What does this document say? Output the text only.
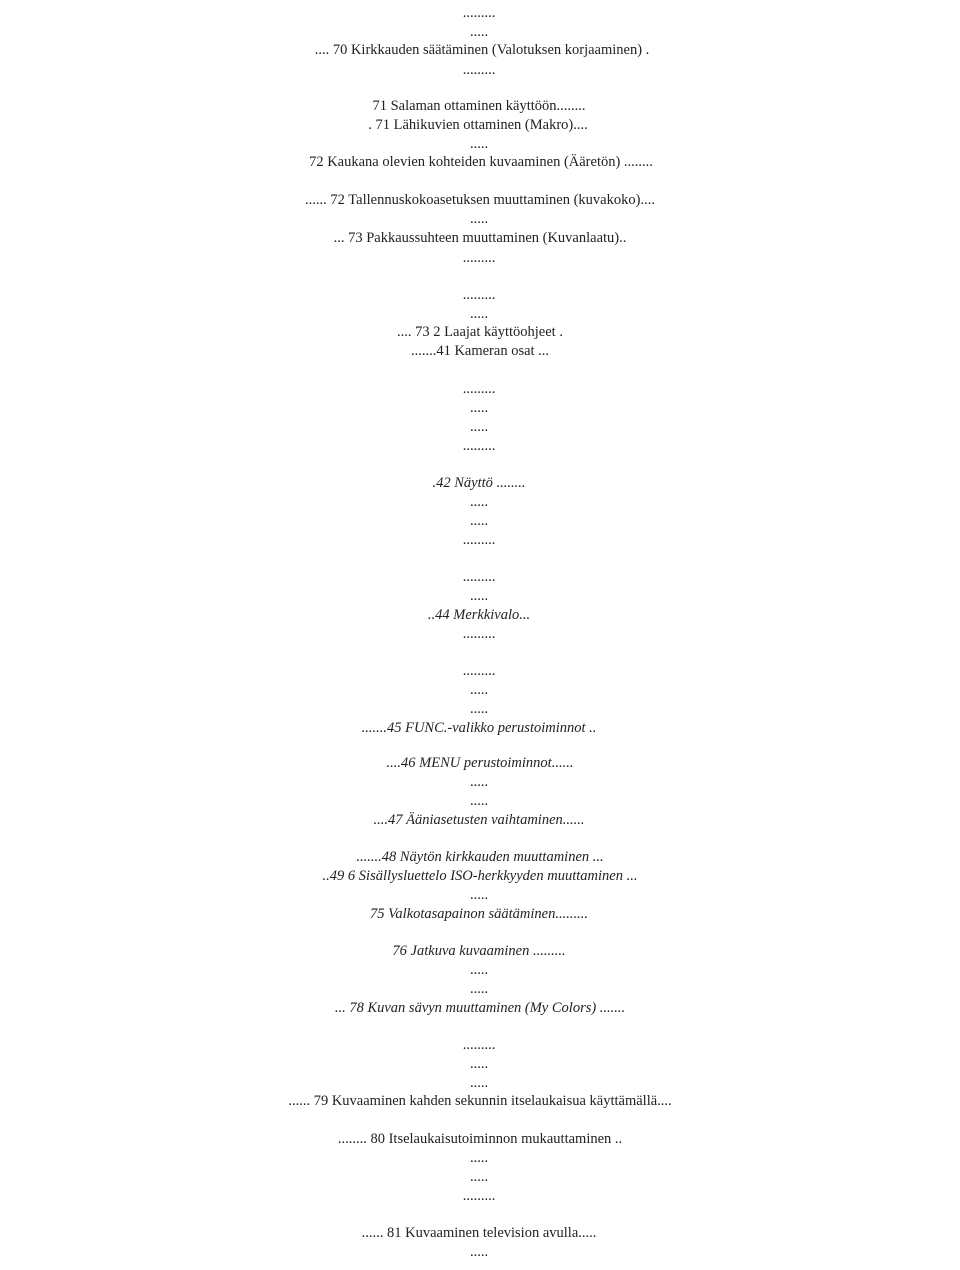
.........
.....
.... 70 Kirkkauden säätäminen (Valotuksen korjaaminen) .
.........
71 Salaman ottaminen käyttöön........
. 71 Lähikuvien ottaminen (Makro)....
.....
72 Kaukana olevien kohteiden kuvaaminen (Ääretön) ........
...... 72 Tallennuskokoasetuksen muuttaminen (kuvakoko)....
.....
... 73 Pakkaussuhteen muuttaminen (Kuvanlaatu)..
.........
.........
.....
.... 73 2 Laajat käyttöohjeet .
.......41 Kameran osat ...
.........
.....
.....
.........
.42 Näyttö ........
.....
.....
.........
.........
.....
..44 Merkkivalo...
.........
.........
.....
.....
.......45 FUNC.-valikko perustoiminnot ..
....46 MENU perustoiminnot......
.....
.....
....47 Ääniasetusten vaihtaminen......
.......48 Näytön kirkkauden muuttaminen ...
..49 6 Sisällysluettelo ISO-herkkyyden muuttaminen ...
.....
75 Valkotasapainon säätäminen.........
76 Jatkuva kuvaaminen .........
.....
.....
... 78 Kuvan sävyn muuttaminen (My Colors) .......
.........
.....
.....
...... 79 Kuvaaminen kahden sekunnin itselaukaisua käyttämällä....
........ 80 Itselaukaisutoiminnon mukauttaminen ..
.....
.....
.........
...... 81 Kuvaaminen television avulla.....
.....
